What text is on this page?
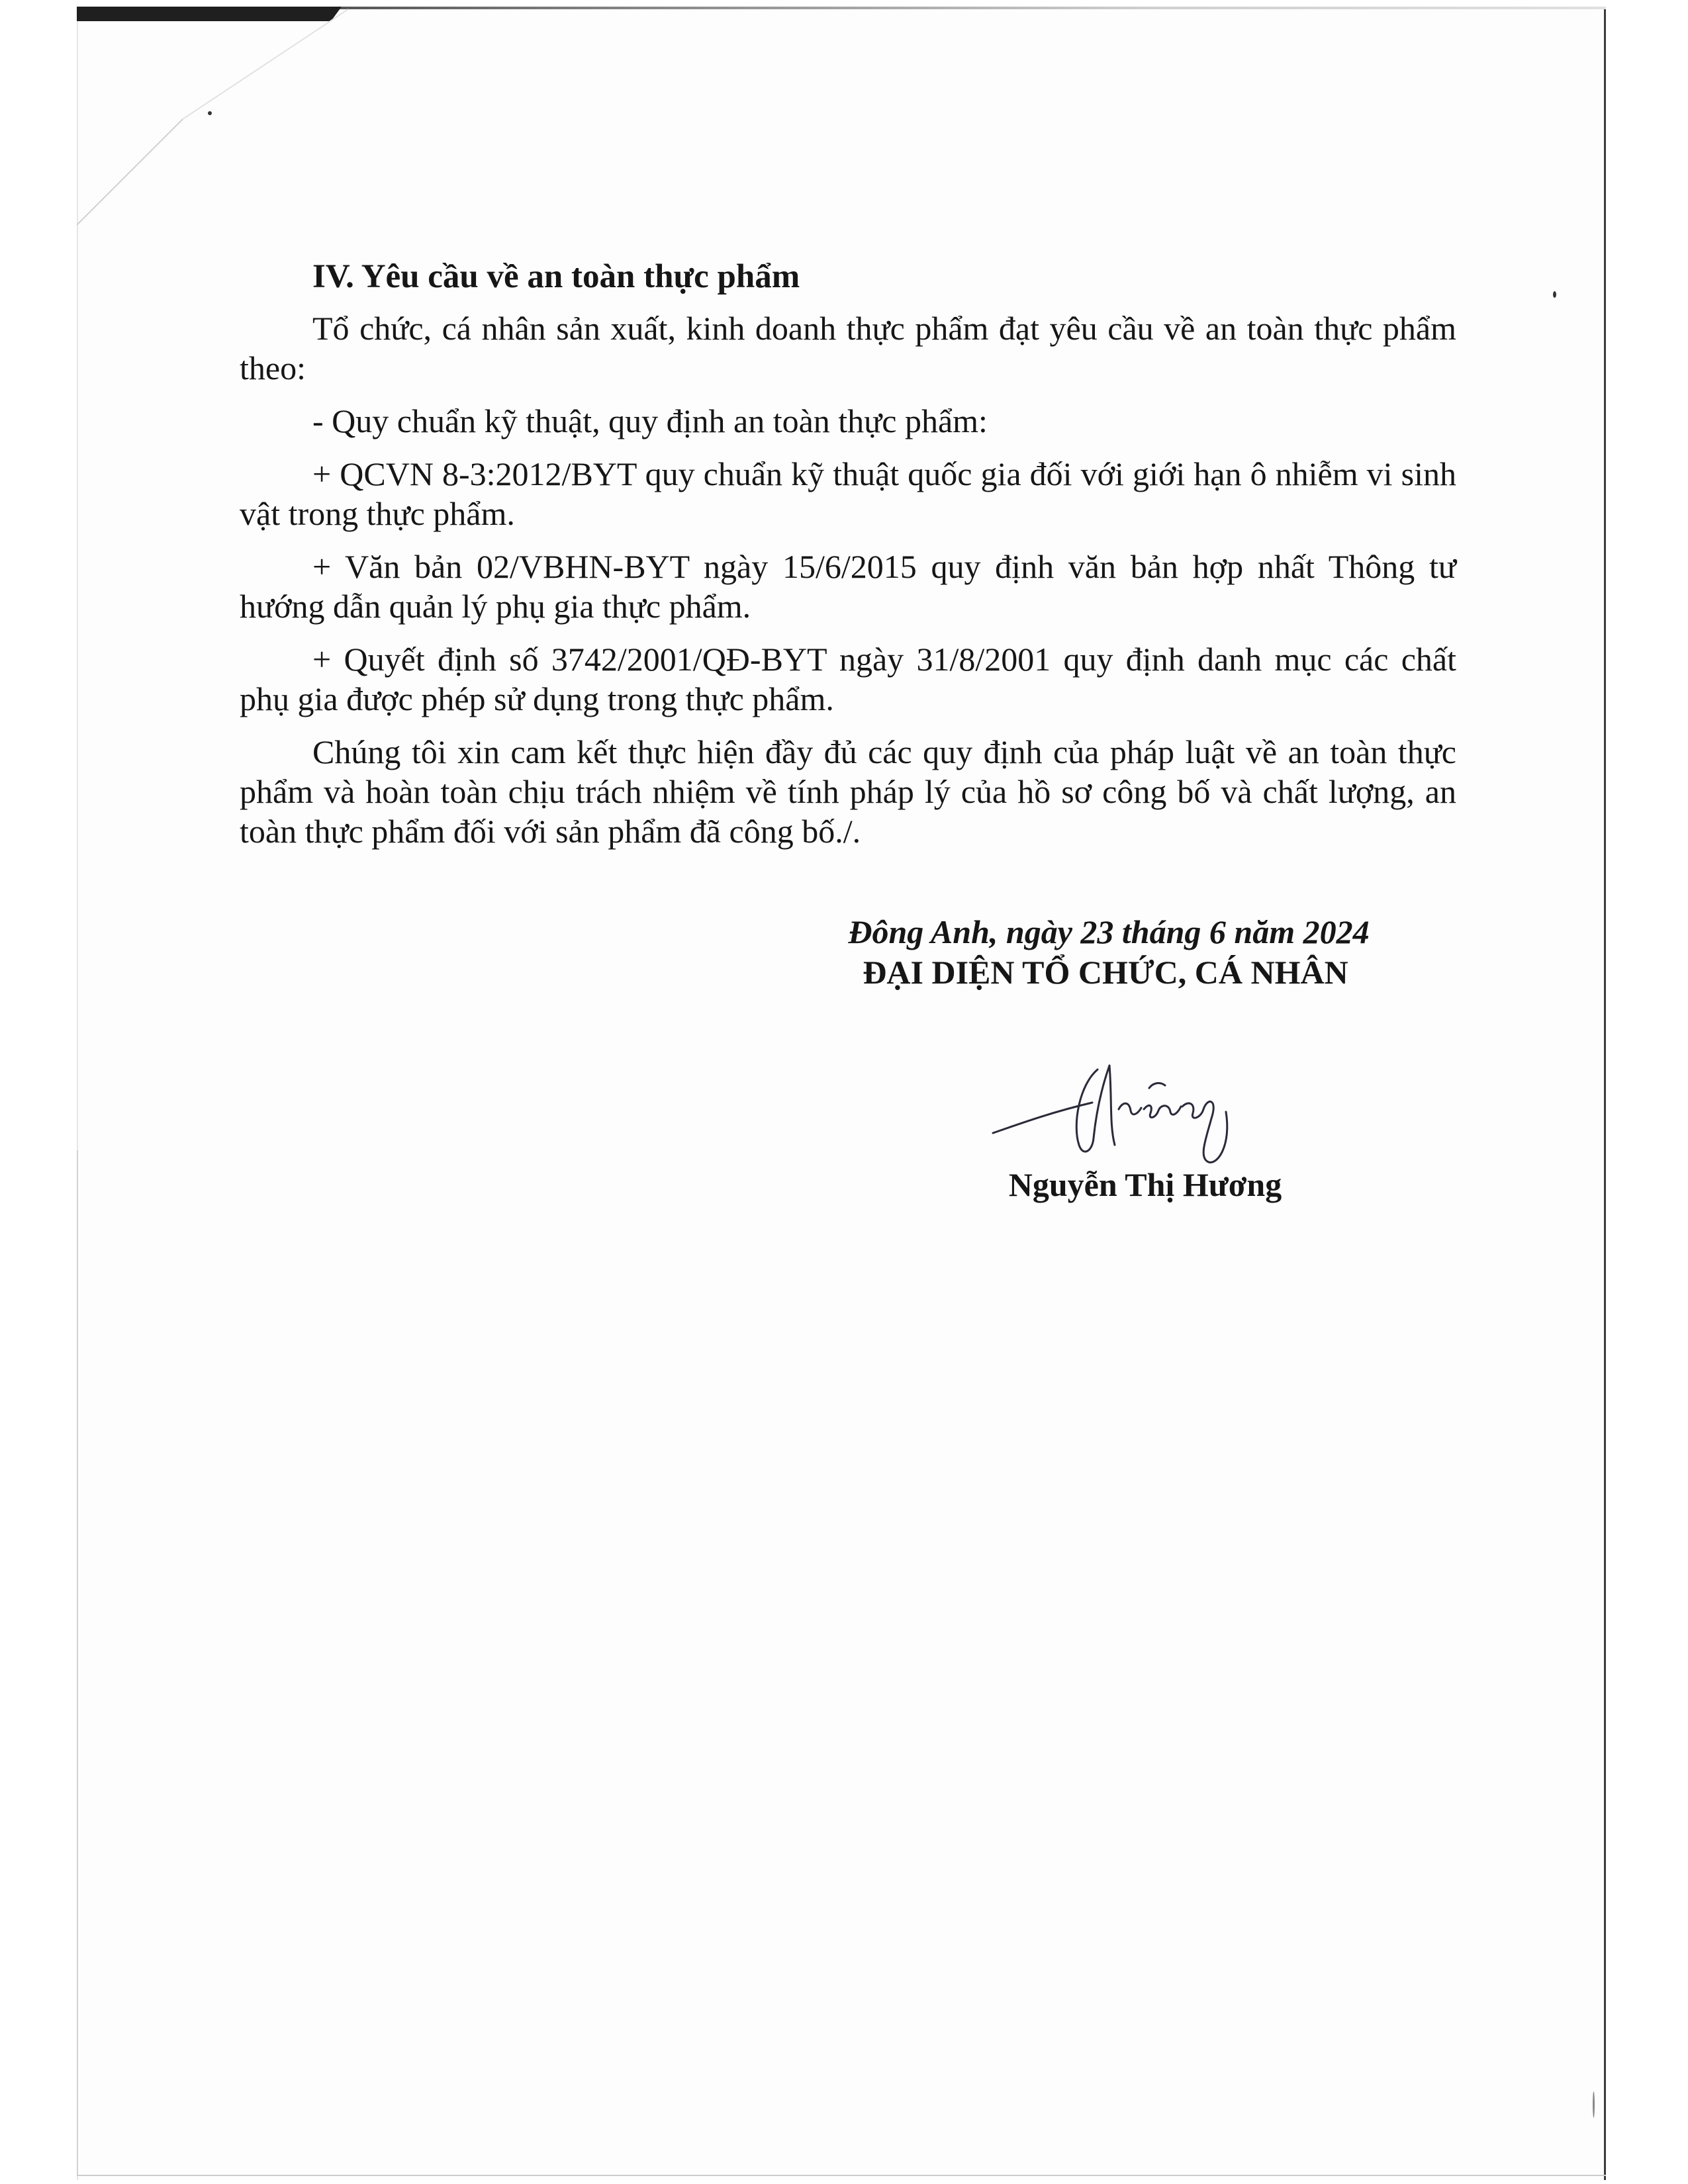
IV. Yêu cầu về an toàn thực phẩm

Tổ chức, cá nhân sản xuất, kinh doanh thực phẩm đạt yêu cầu về an toàn thực phẩm theo:

- Quy chuẩn kỹ thuật, quy định an toàn thực phẩm:

+ QCVN 8-3:2012/BYT quy chuẩn kỹ thuật quốc gia đối với giới hạn ô nhiễm vi sinh vật trong thực phẩm.

+ Văn bản 02/VBHN-BYT ngày 15/6/2015 quy định văn bản hợp nhất Thông tư hướng dẫn quản lý phụ gia thực phẩm.

+ Quyết định số 3742/2001/QĐ-BYT ngày 31/8/2001 quy định danh mục các chất phụ gia được phép sử dụng trong thực phẩm.

Chúng tôi xin cam kết thực hiện đầy đủ các quy định của pháp luật về an toàn thực phẩm và hoàn toàn chịu trách nhiệm về tính pháp lý của hồ sơ công bố và chất lượng, an toàn thực phẩm đối với sản phẩm đã công bố./.

Đông Anh, ngày 23 tháng 6 năm 2024
ĐẠI DIỆN TỔ CHỨC, CÁ NHÂN
Nguyễn Thị Hương
